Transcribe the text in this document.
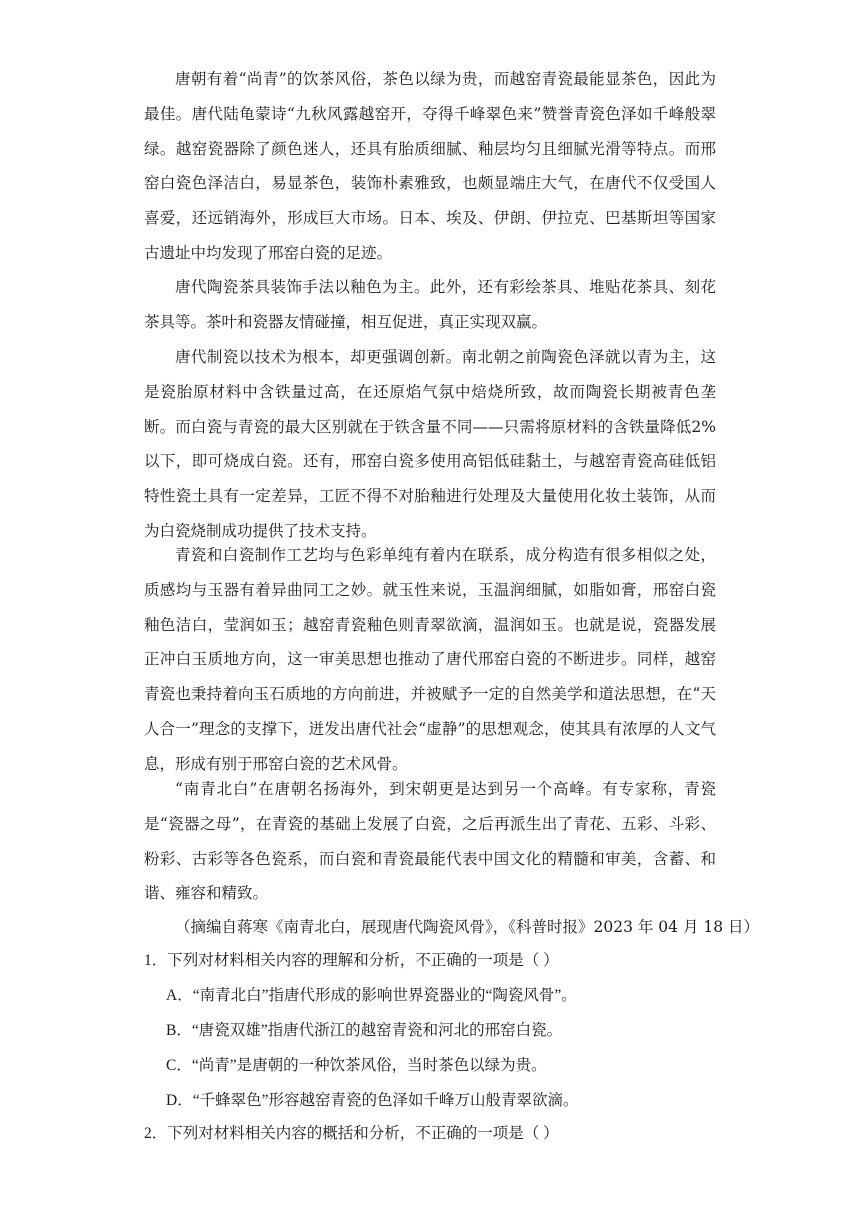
唐朝有着“尚青”的饮茶风俗，茶色以绿为贵，而越窑青瓷最能显茶色，因此为最佳。唐代陆龟蒙诗“九秋风露越窑开，夺得千峰翠色来”赞誉青瓷色泽如千峰般翠绿。越窑瓷器除了颜色迷人，还具有胎质细腻、釉层均匀且细腻光滑等特点。而邢窑白瓷色泽洁白，易显茶色，装饰朴素雅致，也颇显端庄大气，在唐代不仅受国人喜爱，还远销海外，形成巨大市场。日本、埃及、伊朗、伊拉克、巴基斯坦等国家古遗址中均发现了邢窑白瓷的足迹。

唐代陶瓷茶具装饰手法以釉色为主。此外，还有彩绘茶具、堆贴花茶具、刻花茶具等。茶叶和瓷器友情碰撞，相互促进，真正实现双赢。

唐代制瓷以技术为根本，却更强调创新。南北朝之前陶瓷色泽就以青为主，这是瓷胎原材料中含铁量过高，在还原焰气氛中焙烧所致，故而陶瓷长期被青色垄断。而白瓷与青瓷的最大区别就在于铁含量不同——只需将原材料的含铁量降低2%以下，即可烧成白瓷。还有，邢窑白瓷多使用高铝低硅黏土，与越窑青瓷高硅低铝特性瓷土具有一定差异，工匠不得不对胎釉进行处理及大量使用化妆土装饰，从而为白瓷烧制成功提供了技术支持。

青瓷和白瓷制作工艺均与色彩单纯有着内在联系，成分构造有很多相似之处，质感均与玉器有着异曲同工之妙。就玉性来说，玉温润细腻，如脂如膏，邢窑白瓷釉色洁白，莹润如玉；越窑青瓷釉色则青翠欲滴，温润如玉。也就是说，瓷器发展正冲白玉质地方向，这一审美思想也推动了唐代邢窑白瓷的不断进步。同样，越窑青瓷也秉持着向玉石质地的方向前进，并被赋予一定的自然美学和道法思想，在“天人合一”理念的支撑下，迸发出唐代社会“虚静”的思想观念，使其具有浓厚的人文气息，形成有别于邢窑白瓷的艺术风骨。

“南青北白”在唐朝名扬海外，到宋朝更是达到另一个高峰。有专家称，青瓷是“瓷器之母”，在青瓷的基础上发展了白瓷，之后再派生出了青花、五彩、斗彩、粉彩、古彩等各色瓷系，而白瓷和青瓷最能代表中国文化的精髓和审美，含蓄、和谐、雍容和精致。

（摘编自蒋寒《南青北白，展现唐代陶瓷风骨》，《科普时报》2023 年 04 月 18 日）

1．下列对材料相关内容的理解和分析，不正确的一项是（ ）

A．“南青北白”指唐代形成的影响世界瓷器业的“陶瓷风骨”。

B．“唐瓷双雄”指唐代浙江的越窑青瓷和河北的邢窑白瓷。

C．“尚青”是唐朝的一种饮茶风俗，当时茶色以绿为贵。

D．“千蜂翠色”形容越窑青瓷的色泽如千峰万山般青翠欲滴。

2．下列对材料相关内容的概括和分析，不正确的一项是（ ）
